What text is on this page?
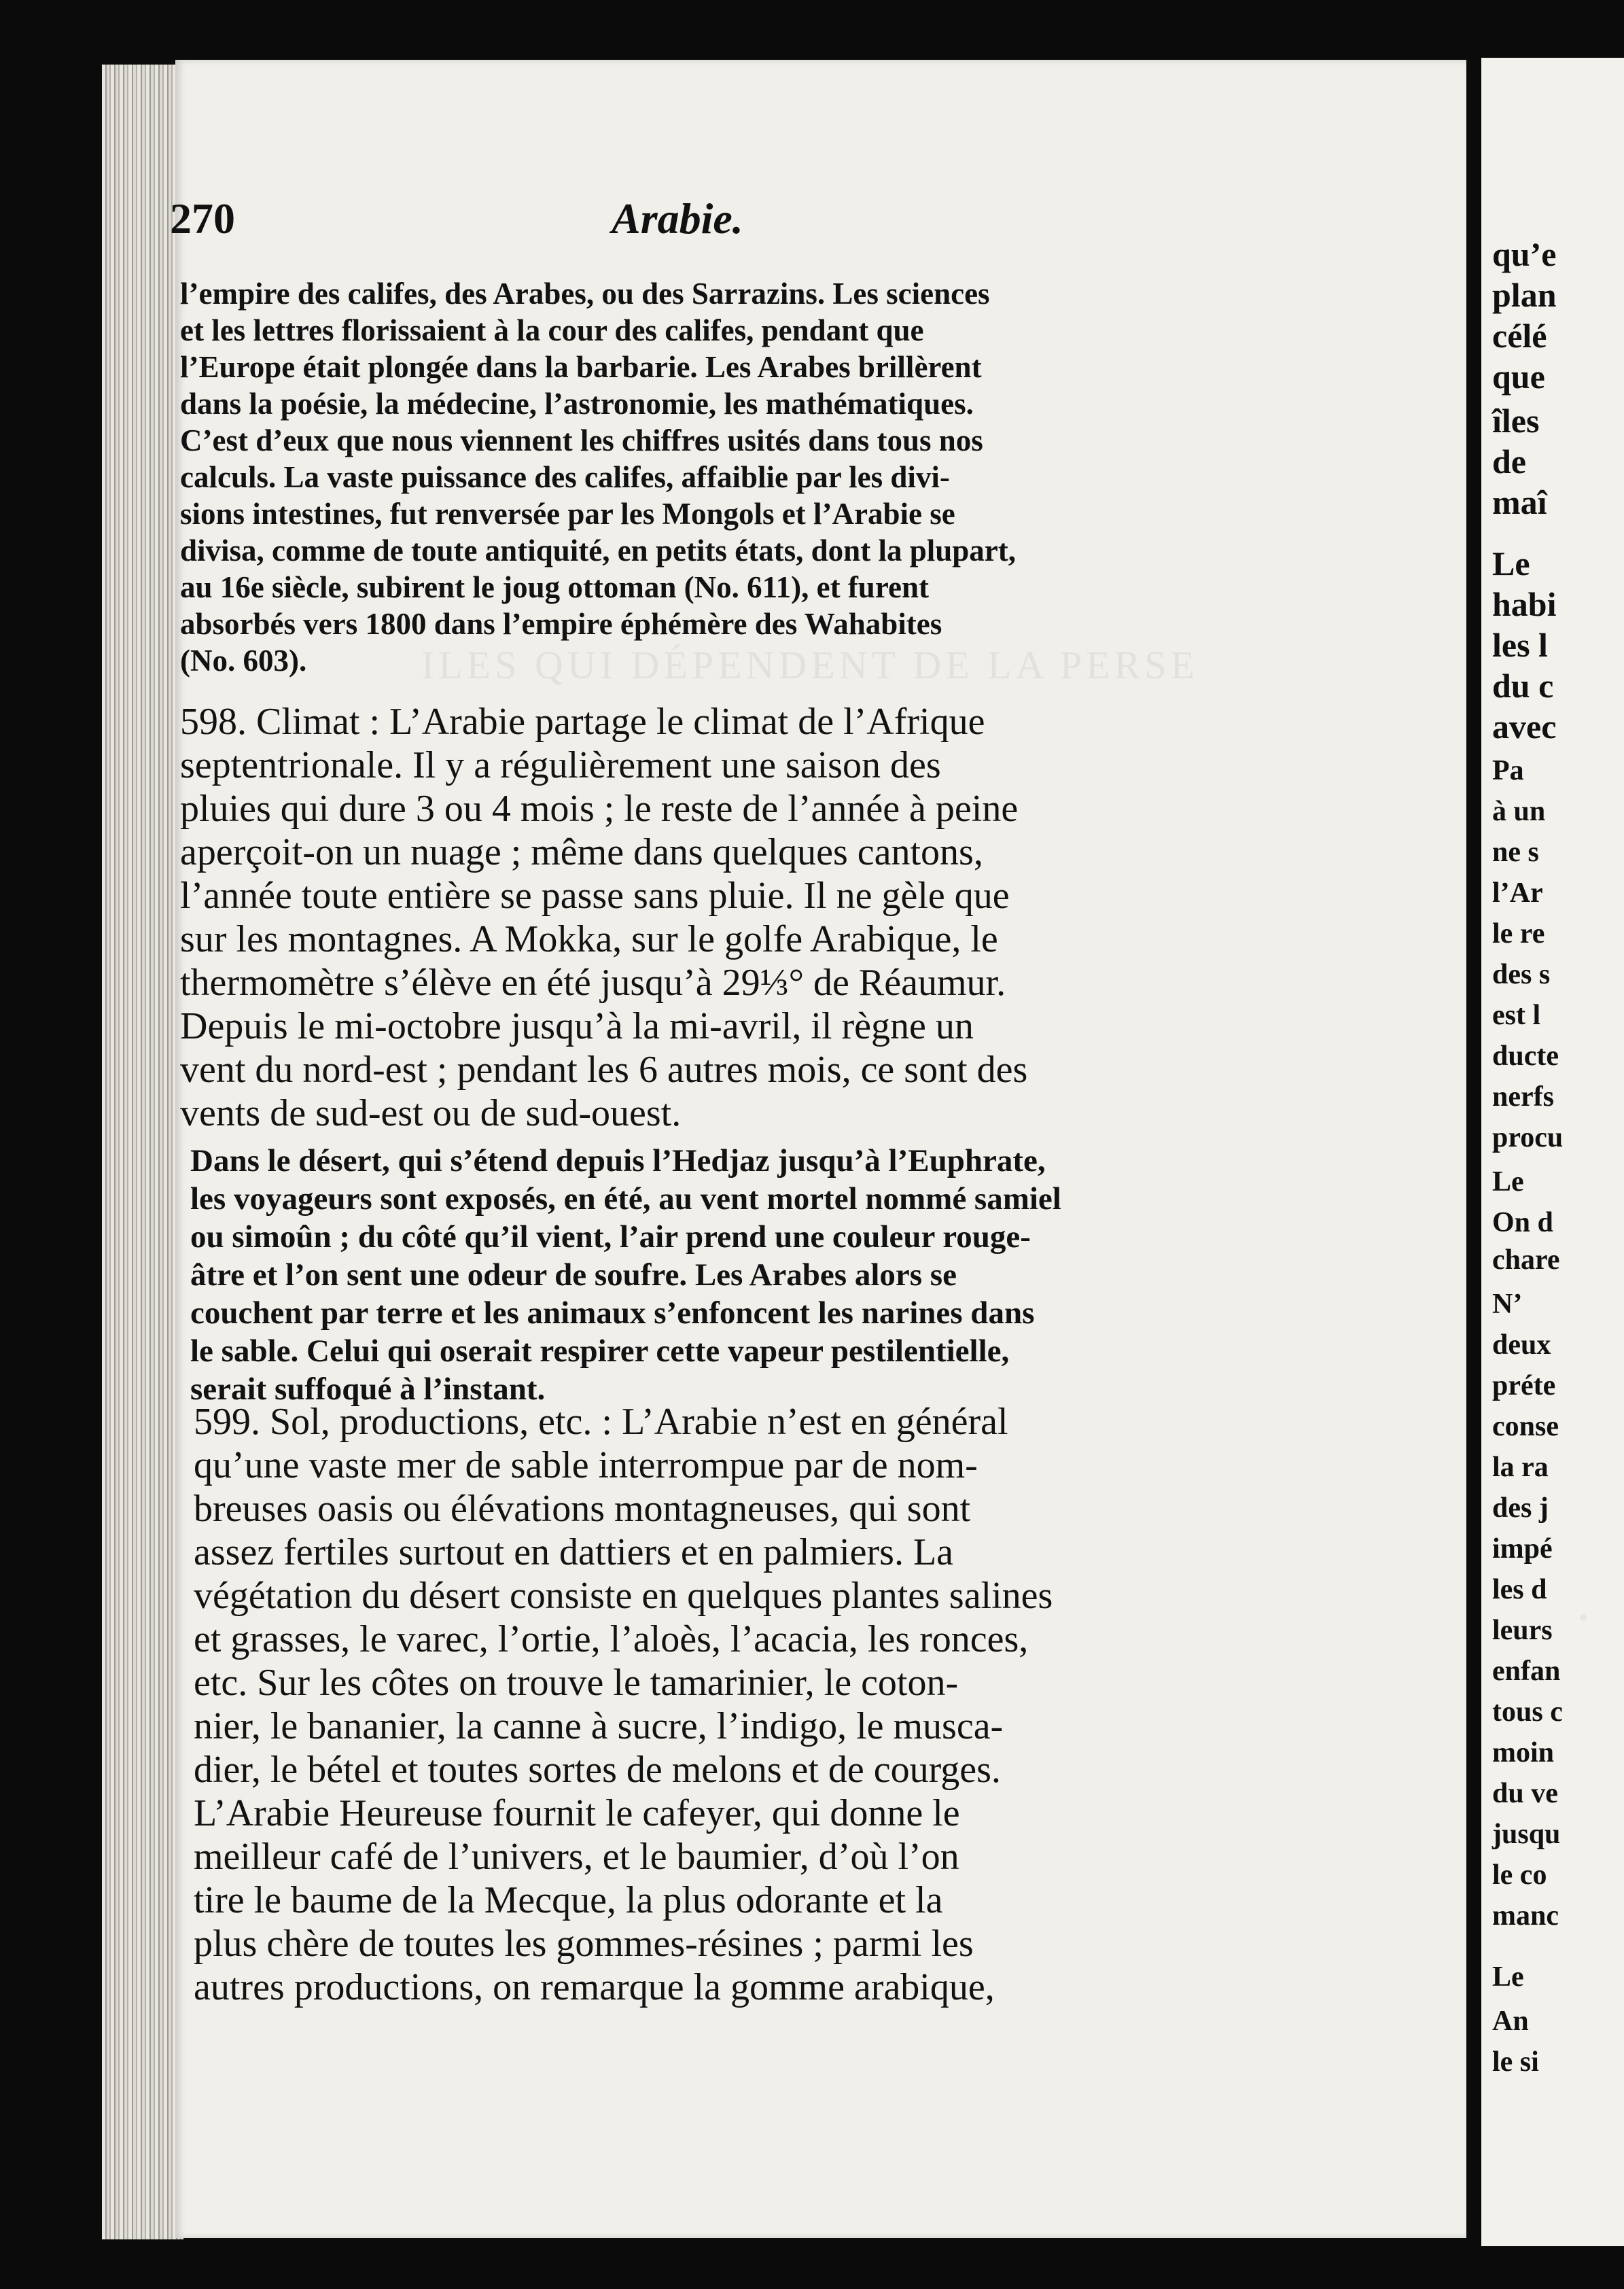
qu’e
plan
célé
que
îles
de
maî
Le
habi
les l
du c
avec
Pa
à un
ne s
l’Ar
le re
des s
est l
ducte
nerfs
procu
Le
On d
chare
N’
deux
préte
conse
la ra
des j
impé
les d
leurs
enfan
tous c
moin
du ve
jusqu
le co
manc
Le
An
le si
270	Arabie.
ILES QUI DÉPENDENT DE LA PERSE
l’empire des califes, des Arabes, ou des Sarrazins. Les sciences
et les lettres florissaient à la cour des califes, pendant que
l’Europe était plongée dans la barbarie. Les Arabes brillèrent
dans la poésie, la médecine, l’astronomie, les mathématiques.
C’est d’eux que nous viennent les chiffres usités dans tous nos
calculs. La vaste puissance des califes, affaiblie par les divi-
sions intestines, fut renversée par les Mongols et l’Arabie se
divisa, comme de toute antiquité, en petits états, dont la plupart,
au 16e siècle, subirent le joug ottoman (No. 611), et furent
absorbés vers 1800 dans l’empire éphémère des Wahabites
(No. 603).
598. Climat : L’Arabie partage le climat de l’Afrique
septentrionale. Il y a régulièrement une saison des
pluies qui dure 3 ou 4 mois ; le reste de l’année à peine
aperçoit-on un nuage ; même dans quelques cantons,
l’année toute entière se passe sans pluie. Il ne gèle que
sur les montagnes. A Mokka, sur le golfe Arabique, le
thermomètre s’élève en été jusqu’à 29⅓° de Réaumur.
Depuis le mi-octobre jusqu’à la mi-avril, il règne un
vent du nord-est ; pendant les 6 autres mois, ce sont des
vents de sud-est ou de sud-ouest.
Dans le désert, qui s’étend depuis l’Hedjaz jusqu’à l’Euphrate,
les voyageurs sont exposés, en été, au vent mortel nommé samiel
ou simoûn ; du côté qu’il vient, l’air prend une couleur rouge-
âtre et l’on sent une odeur de soufre. Les Arabes alors se
couchent par terre et les animaux s’enfoncent les narines dans
le sable. Celui qui oserait respirer cette vapeur pestilentielle,
serait suffoqué à l’instant.
599. Sol, productions, etc. : L’Arabie n’est en général
qu’une vaste mer de sable interrompue par de nom-
breuses oasis ou élévations montagneuses, qui sont
assez fertiles surtout en dattiers et en palmiers. La
végétation du désert consiste en quelques plantes salines
et grasses, le varec, l’ortie, l’aloès, l’acacia, les ronces,
etc. Sur les côtes on trouve le tamarinier, le coton-
nier, le bananier, la canne à sucre, l’indigo, le musca-
dier, le bétel et toutes sortes de melons et de courges.
L’Arabie Heureuse fournit le cafeyer, qui donne le
meilleur café de l’univers, et le baumier, d’où l’on
tire le baume de la Mecque, la plus odorante et la
plus chère de toutes les gommes-résines ; parmi les
autres productions, on remarque la gomme arabique,
